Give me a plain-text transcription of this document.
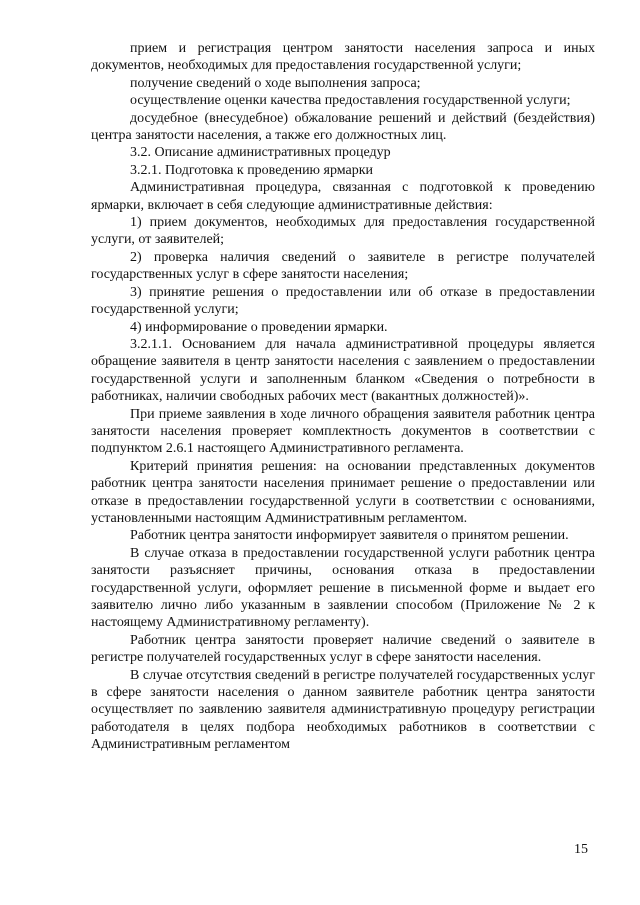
прием и регистрация центром занятости населения запроса и иных документов, необходимых для предоставления государственной услуги;

получение сведений о ходе выполнения запроса;

осуществление оценки качества предоставления государственной услуги;

досудебное (внесудебное) обжалование решений и действий (бездействия) центра занятости населения, а также его должностных лиц.

3.2. Описание административных процедур

3.2.1. Подготовка к проведению ярмарки

Административная процедура, связанная с подготовкой к проведению ярмарки, включает в себя следующие административные действия:

1) прием документов, необходимых для предоставления государственной услуги, от заявителей;

2) проверка наличия сведений о заявителе в регистре получателей государственных услуг в сфере занятости населения;

3) принятие решения о предоставлении или об отказе в предоставлении государственной услуги;

4) информирование о проведении ярмарки.

3.2.1.1. Основанием для начала административной процедуры является обращение заявителя в центр занятости населения с заявлением о предоставлении государственной услуги и заполненным бланком «Сведения о потребности в работниках, наличии свободных рабочих мест (вакантных должностей)».

При приеме заявления в ходе личного обращения заявителя работник центра занятости населения проверяет комплектность документов в соответствии с подпунктом 2.6.1 настоящего Административного регламента.

Критерий принятия решения: на основании представленных документов работник центра занятости населения принимает решение о предоставлении или отказе в предоставлении государственной услуги в соответствии с основаниями, установленными настоящим Административным регламентом.

Работник центра занятости информирует заявителя о принятом решении.

В случае отказа в предоставлении государственной услуги работник центра занятости разъясняет причины, основания отказа в предоставлении государственной услуги, оформляет решение в письменной форме и выдает его заявителю лично либо указанным в заявлении способом (Приложение № 2 к настоящему Административному регламенту).

Работник центра занятости проверяет наличие сведений о заявителе в регистре получателей государственных услуг в сфере занятости населения.

В случае отсутствия сведений в регистре получателей государственных услуг в сфере занятости населения о данном заявителе работник центра занятости осуществляет по заявлению заявителя административную процедуру регистрации работодателя в целях подбора необходимых работников в соответствии с Административным регламентом

15
